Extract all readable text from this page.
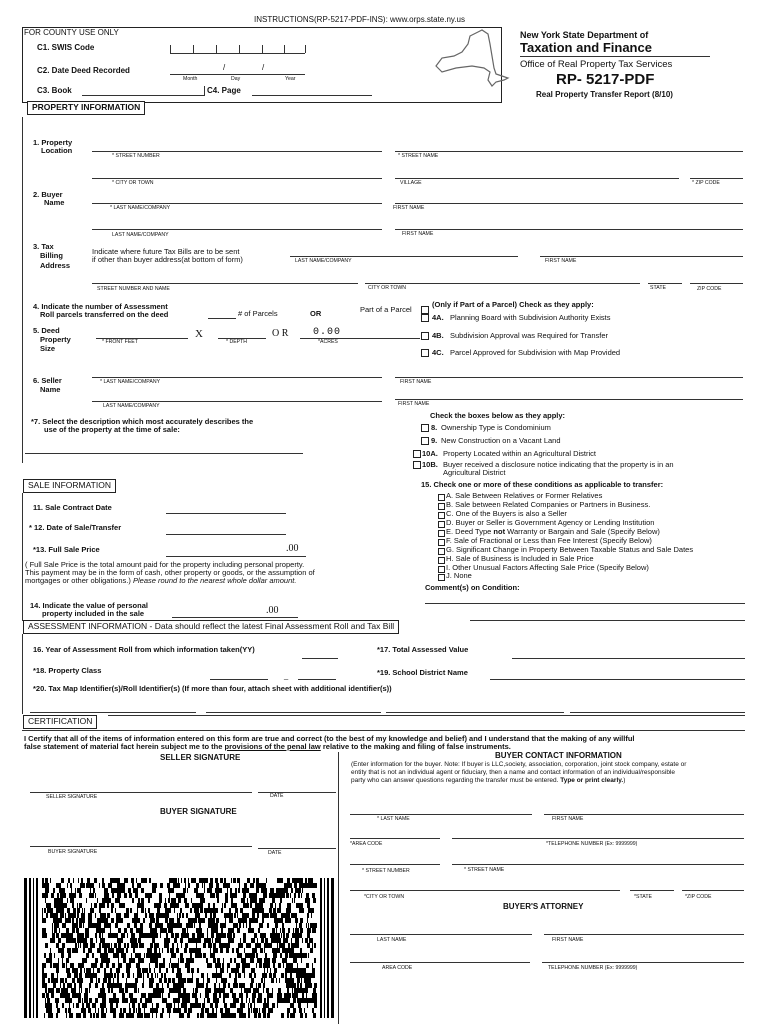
INSTRUCTIONS(RP-5217-PDF-INS): www.orps.state.ny.us
FOR COUNTY USE ONLY
C1. SWIS Code
C2. Date Deed Recorded	/	/
Month	Day	Year
C3. Book	C4. Page
New York State Department of
Taxation and Finance
Office of Real Property Tax Services
RP- 5217-PDF
Real Property Transfer Report (8/10)
PROPERTY INFORMATION
1. Property
Location
* STREET NUMBER	* STREET NAME
* CITY OR TOWN	VILLAGE	* ZIP CODE
2. Buyer
Name
* LAST NAME/COMPANY	FIRST NAME
LAST NAME/COMPANY	FIRST NAME
3. Tax
Billing
Address
Indicate where future Tax Bills are to be sent
if other than buyer address(at bottom of form)	LAST NAME/COMPANY	FIRST NAME
STREET NUMBER AND NAME	CITY OR TOWN	STATE	ZIP CODE
4. Indicate the number of Assessment
Roll parcels transferred on the deed	# of Parcels	OR	Part of a Parcel
(Only if Part of a Parcel) Check as they apply:
4A. Planning Board with Subdivision Authority Exists
5. Deed
Property
Size
X	O R 0.00
* FRONT FEET	* DEPTH	*ACRES
4B. Subdivision Approval was Required for Transfer
4C. Parcel Approved for Subdivision with Map Provided
6. Seller
Name
* LAST NAME/COMPANY	FIRST NAME
LAST NAME/COMPANY	FIRST NAME
*7. Select the description which most accurately describes the
use of the property at the time of sale:
Check the boxes below as they apply:
8. Ownership Type is Condominium
9. New Construction on a Vacant Land
10A. Property Located within an Agricultural District
10B. Buyer received a disclosure notice indicating that the property is in an
Agricultural District
SALE INFORMATION
11. Sale Contract Date
* 12. Date of Sale/Transfer
*13. Full Sale Price	.00
( Full Sale Price is the total amount paid for the property including personal property.
This payment may be in the form of cash, other property or goods, or the assumption of
mortgages or other obligations.) Please round to the nearest whole dollar amount.
14. Indicate the value of personal
property included in the sale	.00
15. Check one or more of these conditions as applicable to transfer:
A. Sale Between Relatives or Former Relatives
B. Sale between Related Companies or Partners in Business.
C. One of the Buyers is also a Seller
D. Buyer or Seller is Government Agency or Lending Institution
F. Sale of Fractional or Less than Fee Interest (Specify Below)
G. Significant Change in Property Between Taxable Status and Sale Dates
H. Sale of Business is Included in Sale Price
I. Other Unusual Factors Affecting Sale Price (Specify Below)
J. None
E. Deed Type not Warranty or Bargain and Sale (Specify Below)
Comment(s) on Condition:
ASSESSMENT INFORMATION - Data should reflect the latest Final Assessment Roll and Tax Bill
16. Year of Assessment Roll from which information taken(YY)	*17. Total Assessed Value
*18. Property Class
_	*19. School District Name
*20. Tax Map Identifier(s)/Roll Identifier(s) (If more than four, attach sheet with additional identifier(s))
CERTIFICATION
I Certify that all of the items of information entered on this form are true and correct (to the best of my knowledge and belief) and I understand that the making of any willful
false statement of material fact herein subject me to the provisions of the penal law relative to the making and filing of false instruments.
SELLER SIGNATURE
SELLER SIGNATURE	DATE
BUYER SIGNATURE
BUYER SIGNATURE	DATE
BUYER CONTACT INFORMATION
(Enter information for the buyer. Note: If buyer is LLC,society, association, corporation, joint stock company, estate or
entity that is not an individual agent or fiduciary, then a name and contact information of an individual/responsible
party who can answer questions regarding the transfer must be entered. Type or print clearly.)
* LAST NAME	FIRST NAME
*AREA CODE	*TELEPHONE NUMBER (Ex: 9999999)
* STREET NUMBER	* STREET NAME
*CITY OR TOWN	*STATE	*ZIP CODE
BUYER'S ATTORNEY
LAST NAME	FIRST NAME
AREA CODE	TELEPHONE NUMBER (Ex: 9999999)
